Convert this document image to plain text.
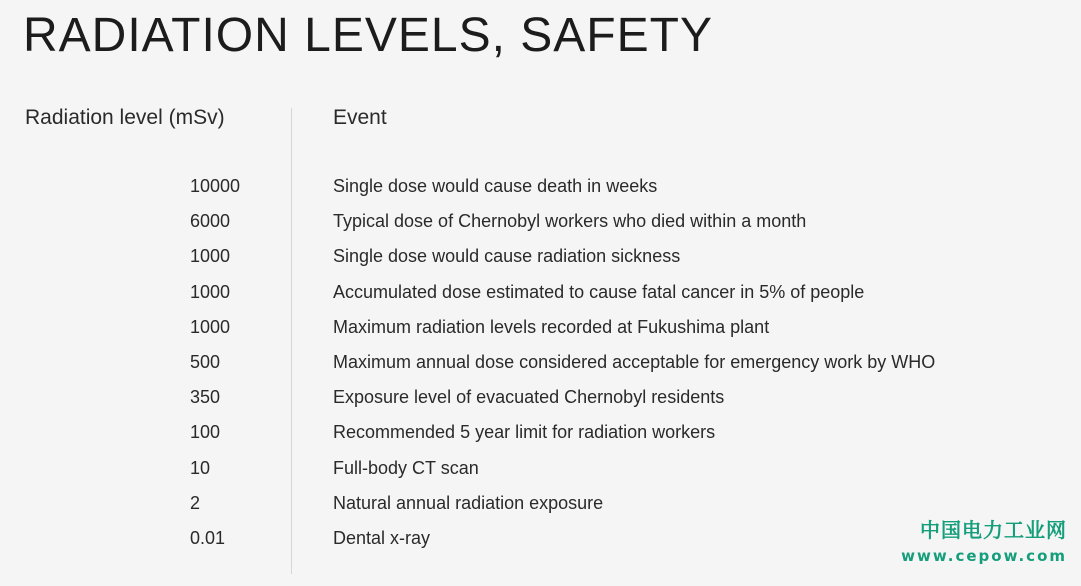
RADIATION LEVELS, SAFETY
Radiation level (mSv)	Event
10000	Single dose would cause death in weeks
6000	Typical dose of Chernobyl workers who died within a month
1000	Single dose would cause radiation sickness
1000	Accumulated dose estimated to cause fatal cancer in 5% of people
1000	Maximum radiation levels recorded at Fukushima plant
500	Maximum annual dose considered acceptable for emergency work by WHO
350	Exposure level of evacuated Chernobyl residents
100	Recommended 5 year limit for radiation workers
10	Full-body CT scan
2	Natural annual radiation exposure
0.01	Dental x-ray	中国电力工业网
www.cepow.com
